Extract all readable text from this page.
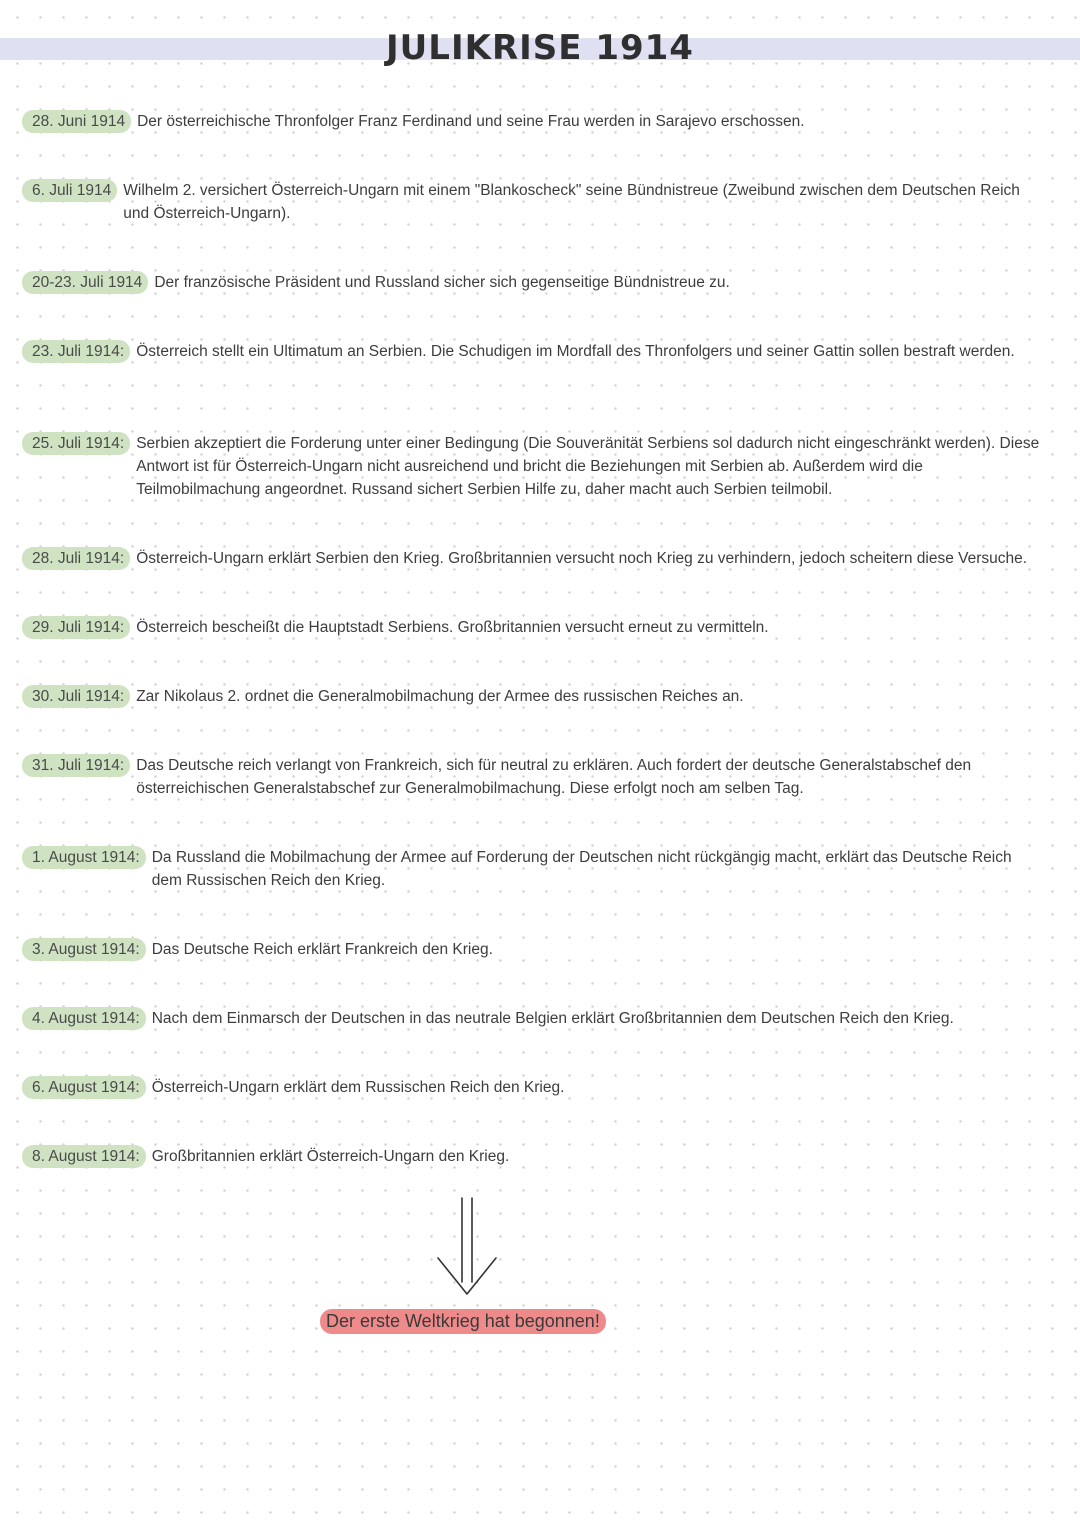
JULIKRISE 1914
28. Juni 1914 Der österreichische Thronfolger Franz Ferdinand und seine Frau werden in Sarajevo erschossen.
6. Juli 1914 Wilhelm 2. versichert Österreich-Ungarn mit einem "Blankoscheck" seine Bündnistreue (Zweibund zwischen dem Deutschen Reich und Österreich-Ungarn).
20-23. Juli 1914 Der französische Präsident und Russland sicher sich gegenseitige Bündnistreue zu.
23. Juli 1914: Österreich stellt ein Ultimatum an Serbien. Die Schudigen im Mordfall des Thronfolgers und seiner Gattin sollen bestraft werden.
25. Juli 1914: Serbien akzeptiert die Forderung unter einer Bedingung (Die Souveränität Serbiens sol dadurch nicht eingeschränkt werden). Diese Antwort ist für Österreich-Ungarn nicht ausreichend und bricht die Beziehungen mit Serbien ab. Außerdem wird die Teilmobilmachung angeordnet. Russand sichert Serbien Hilfe zu, daher macht auch Serbien teilmobil.
28. Juli 1914: Österreich-Ungarn erklärt Serbien den Krieg. Großbritannien versucht noch Krieg zu verhindern, jedoch scheitern diese Versuche.
29. Juli 1914: Österreich bescheißt die Hauptstadt Serbiens. Großbritannien versucht erneut zu vermitteln.
30. Juli 1914: Zar Nikolaus 2. ordnet die Generalmobilmachung der Armee des russischen Reiches an.
31. Juli 1914: Das Deutsche reich verlangt von Frankreich, sich für neutral zu erklären. Auch fordert der deutsche Generalstabschef den österreichischen Generalstabschef zur Generalmobilmachung. Diese erfolgt noch am selben Tag.
1. August 1914: Da Russland die Mobilmachung der Armee auf Forderung der Deutschen nicht rückgängig macht, erklärt das Deutsche Reich dem Russischen Reich den Krieg.
3. August 1914: Das Deutsche Reich erklärt Frankreich den Krieg.
4. August 1914: Nach dem Einmarsch der Deutschen in das neutrale Belgien erklärt Großbritannien dem Deutschen Reich den Krieg.
6. August 1914: Österreich-Ungarn erklärt dem Russischen Reich den Krieg.
8. August 1914: Großbritannien erklärt Österreich-Ungarn den Krieg.
Der erste Weltkrieg hat begonnen!
